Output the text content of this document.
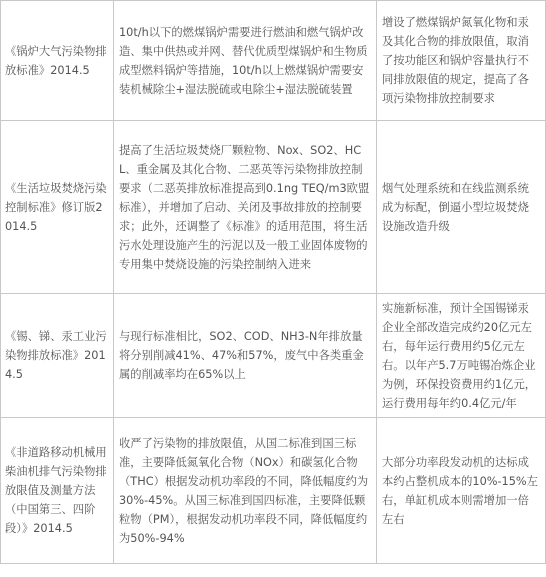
《锅炉大气污染物排放标准》2014.5	10t/h以下的燃煤锅炉需要进行燃油和燃气锅炉改造、集中供热或并网、替代优质型煤锅炉和生物质成型燃料锅炉等措施，10t/h以上燃煤锅炉需要安装机械除尘+湿法脱硫或电除尘+湿法脱硫装置	增设了燃煤锅炉氮氧化物和汞及其化合物的排放限值，取消了按功能区和锅炉容量执行不同排放限值的规定，提高了各项污染物排放控制要求
《生活垃圾焚烧污染控制标准》修订版2014.5	提高了生活垃圾焚烧厂颗粒物、Nox、SO2、HCL、重金属及其化合物、二恶英等污染物排放控制要求（二恶英排放标准提高到0.1ng TEQ/m3欧盟标准），并增加了启动、关闭及事故排放的控制要求；此外，还调整了《标准》的适用范围，将生活污水处理设施产生的污泥以及一般工业固体废物的专用集中焚烧设施的污染控制纳入进来	烟气处理系统和在线监测系统成为标配，倒逼小型垃圾焚烧设施改造升级
《锡、锑、汞工业污染物排放标准》2014.5	与现行标准相比，SO2、COD、NH3-N年排放量将分别削减41%、47%和57%，废气中各类重金属的削减率均在65%以上	实施新标准，预计全国锡锑汞企业全部改造完成约20亿元左右，每年运行费用约5亿元左右。以年产5.7万吨锡冶炼企业为例，环保投资费用约1亿元，运行费用每年约0.4亿元/年
《非道路移动机械用柴油机排气污染物排放限值及测量方法（中国第三、四阶段）》2014.5	收严了污染物的排放限值，从国二标准到国三标准，主要降低氮氧化合物（NOx）和碳氢化合物（THC）根据发动机功率段的不同，降低幅度约为30%-45%。从国三标准到国四标准，主要降低颗粒物（PM），根据发动机功率段不同，降低幅度约为50%-94%	大部分功率段发动机的达标成本约占整机成本的10%-15%左右，单缸机成本则需增加一倍左右
